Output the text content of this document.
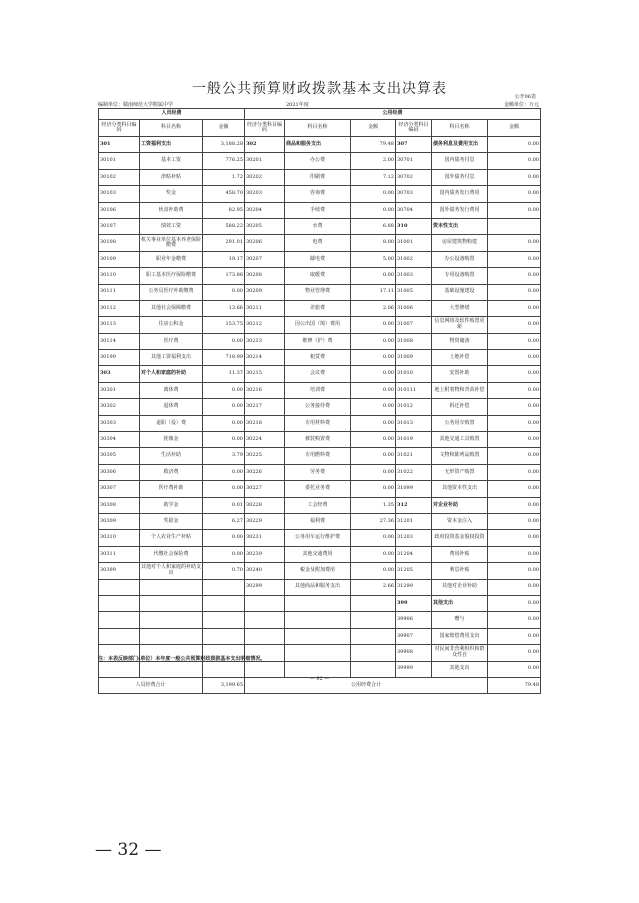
一般公共预算财政拨款基本支出决算表	公开06表
编制单位：赣南师范大学附属中学	2021年度	金额单位：万元
人员经费			公用经费					
经济分类科目编码	科目名称	金额	经济分类科目编码	科目名称	金额	经济分类科目编码	科目名称	金额
301	工资福利支出	3,188.28	302	商品和服务支出	79.48	307	债务利息及费用支出	0.00
30101	基本工资	776.25	30201	办公费	2.00	30701	国内债务付息	0.00
30102	津贴补贴	1.72	30202	印刷费	7.12	30702	国外债务付息	0.00
30103	奖金	458.70	30203	咨询费	0.00	30703	国内债务发行费用	0.00
30106	伙食补助费	82.95	30204	手续费	0.00	30704	国外债务发行费用	0.00
30107	绩效工资	588.22	30205	水费	6.88	310	资本性支出	
30108	机关事业单位基本养老保险缴费	291.01	30206	电费	8.00	31001	房屋建筑物购建	0.00
30109	职业年金缴费	19.17	30207	邮电费	5.00	31002	办公设备购置	0.00
30110	职工基本医疗保险缴费	173.86	30208	取暖费	0.00	31003	专用设备购置	0.00
30111	公务员医疗补助缴费	0.00	30209	物业管理费	17.11	31005	基础设施建设	0.00
30112	其他社会保障缴费	13.66	30211	差旅费	2.06	31006	大型修缮	0.00
30113	住房公积金	153.75	30212	因公出国（境）费用	0.00	31007	信息网络及软件购置更新	0.00
30114	医疗费	0.00	30213	维修（护）费	0.00	31008	物资储备	0.00
30199	其他工资福利支出	718.99	30214	租赁费	0.00	31009	土地补偿	0.00
303	对个人和家庭的补助	11.37	30215	会议费	0.00	31010	安置补助	0.00
30301	离休费	0.00	30216	培训费	0.00	310111	地上附着物和青苗补偿	0.00
30302	退休费	0.00	30217	公务接待费	0.00	31012	拆迁补偿	0.00
30303	退职（役）费	0.00	30218	专用材料费	0.00	31013	公务用车购置	0.00
30304	抚恤金	0.00	30224	被装购置费	0.00	31019	其他交通工具购置	0.00
30305	生活补助	3.79	30225	专用燃料费	0.00	31021	文物和陈列品购置	0.00
30306	救济费	0.00	30226	劳务费	0.00	31022	无形资产购置	0.00
30307	医疗费补助	0.00	30227	委托业务费	0.00	31099	其他资本性支出	0.00
30308	助学金	0.01	30228	工会经费	1.35	312	对企业补助	0.00
30309	奖励金	6.27	30229	福利费	27.36	31201	资本金注入	0.00
30310	个人农业生产补贴	0.00	30231	公务用车运行维护费	0.00	31203	政府投资基金股权投资	0.00
30311	代缴社会保险费	0.00	30239	其他交通费用	0.00	31204	费用补贴	0.00
30399	其他对个人和家庭的补助支出	0.70	30240	税金及附加费用	0.00	31205	利息补贴	0.00
			30299	其他商品和服务支出	2.66	31299	其他对企业补助	0.00
						399	其他支出	0.00
						39906	赠与	0.00
						39907	国家赔偿费用支出	0.00
						39908	对民间非营利组织和群众性自	0.00
						39999	其他支出	0.00
人员经费合计		3,199.65	公用经费合计					79.48
注：本表反映部门(单位）本年度一般公共预算财政拨款基本支出明细情况。
— 92 —
— 32 —
